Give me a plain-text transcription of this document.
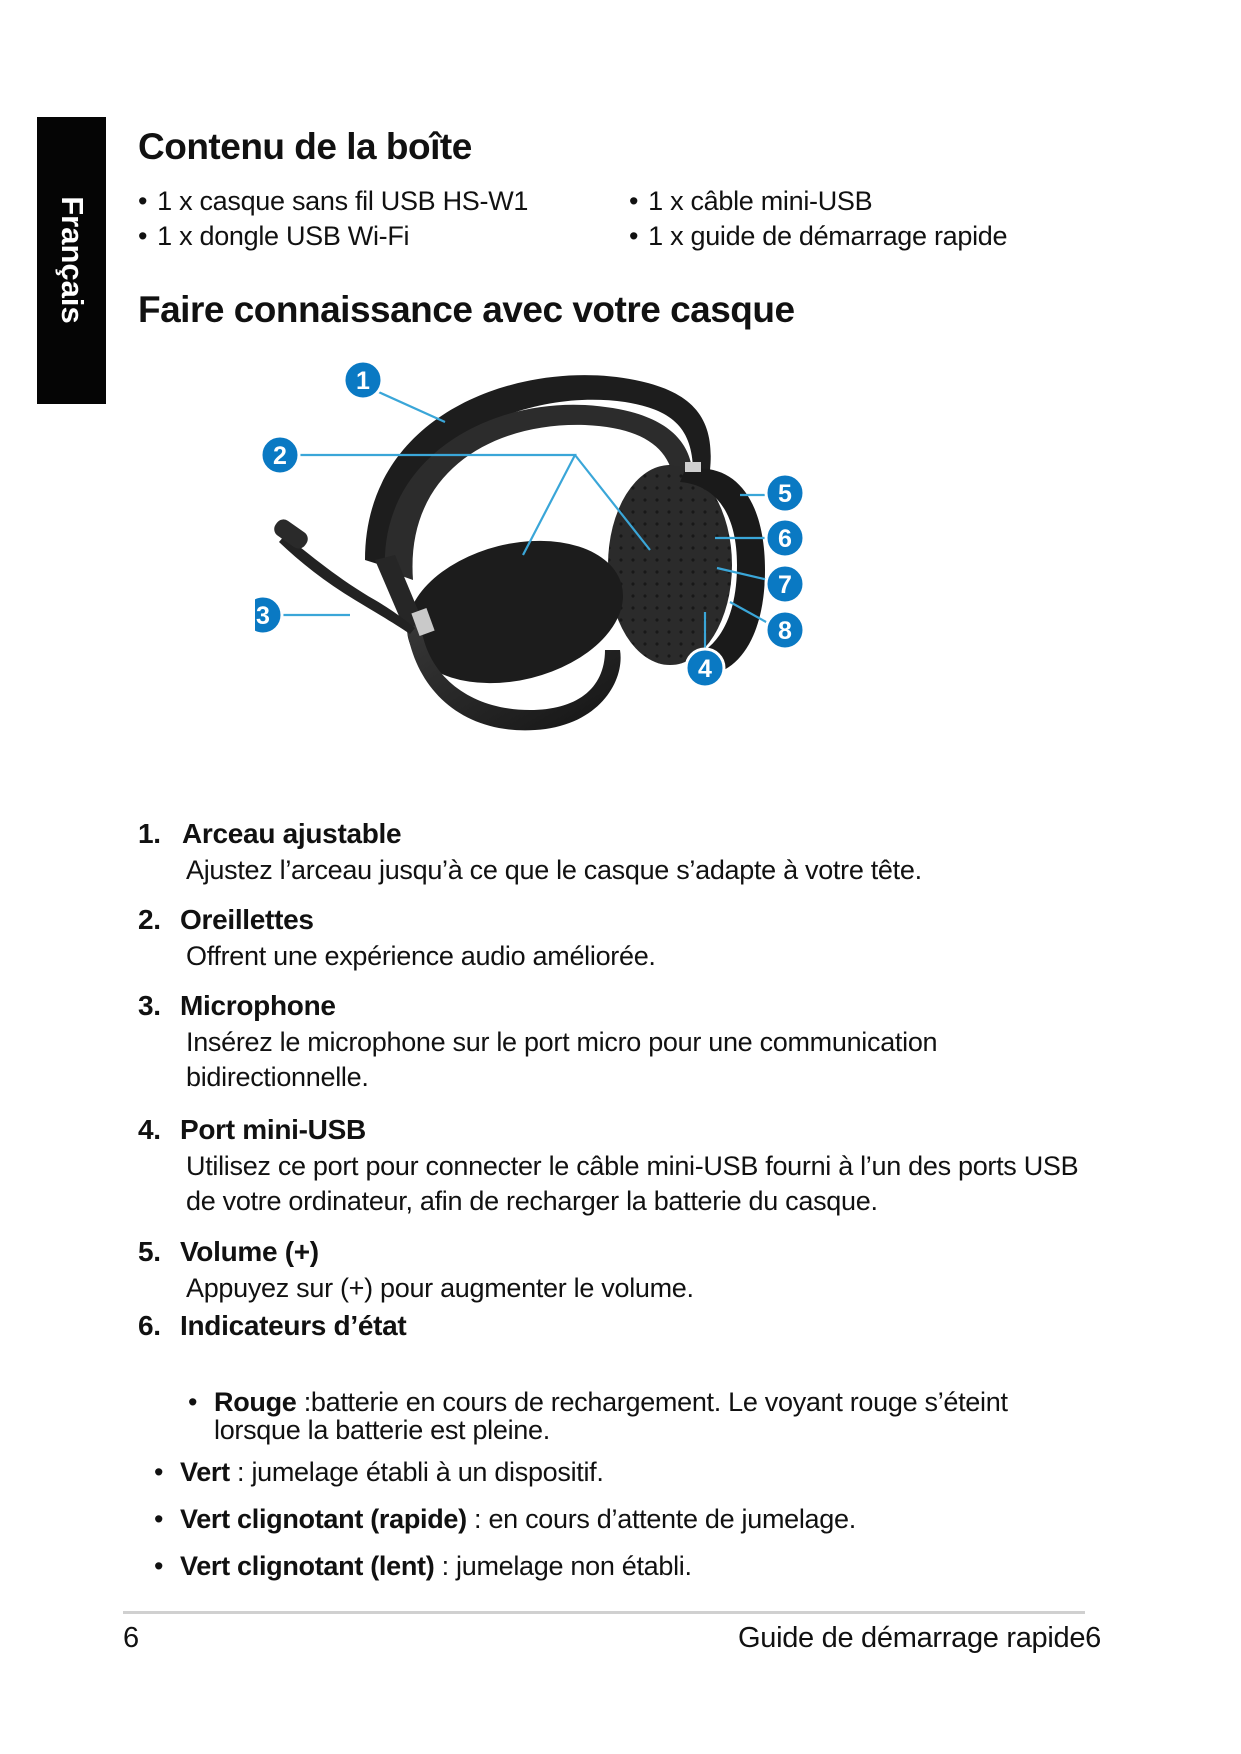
Français
Contenu de la boîte
• 1 x casque sans fil USB HS-W1	• 1 x câble mini-USB
• 1 x dongle USB Wi-Fi	• 1 x guide de démarrage rapide
Faire connaissance avec votre casque
1
2
3
4
5
6
7
8
1. Arceau ajustable
Ajustez l’arceau jusqu’à ce que le casque s’adapte à votre tête.
2. Oreillettes
Offrent une expérience audio améliorée.
3. Microphone
Insérez le microphone sur le port micro pour une communication bidirectionnelle.
4. Port mini-USB
Utilisez ce port pour connecter le câble mini-USB fourni à l’un des ports USB de votre ordinateur, afin de recharger la batterie du casque.
5. Volume (+)
Appuyez sur (+) pour augmenter le volume.
6. Indicateurs d’état
• Rouge :batterie en cours de rechargement. Le voyant rouge s’éteint
lorsque la batterie est pleine.
• Vert : jumelage établi à un dispositif.
• Vert clignotant (rapide) : en cours d’attente de jumelage.
• Vert clignotant (lent) : jumelage non établi.
6	Guide de démarrage rapide6
